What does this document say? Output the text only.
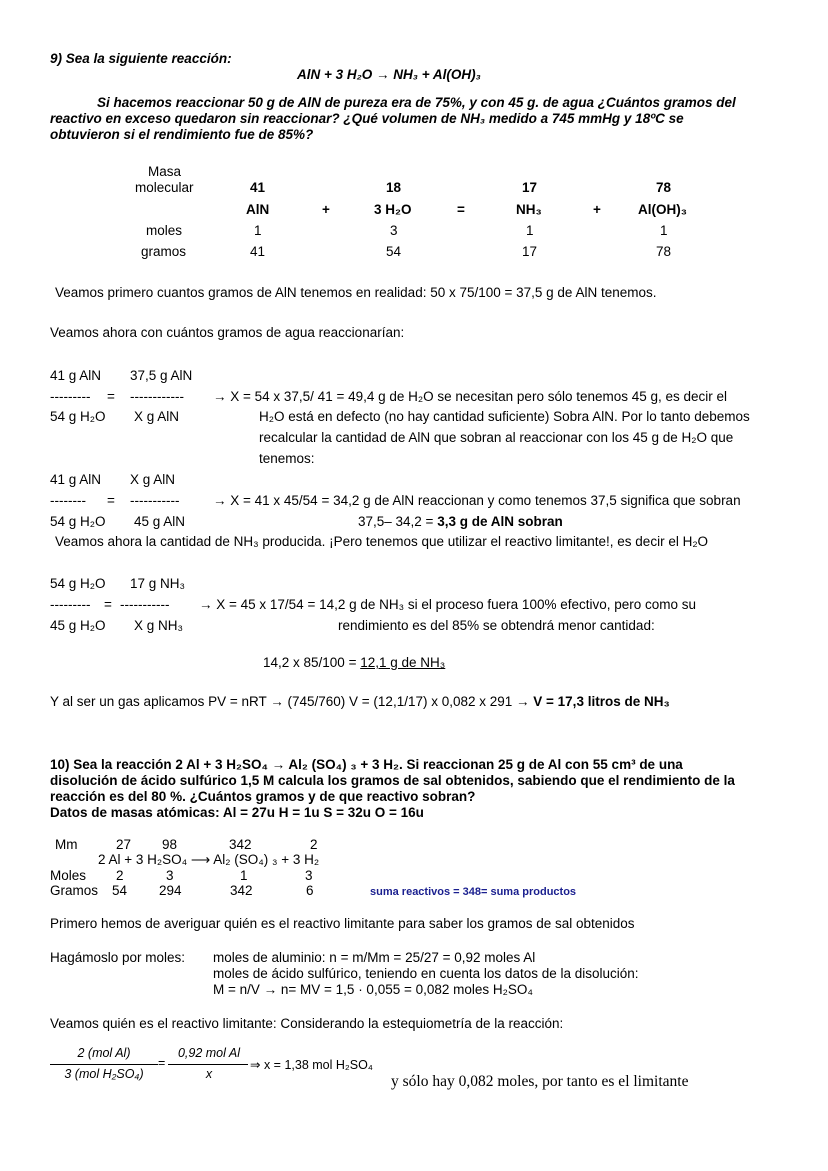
9) Sea la siguiente reacción:
AlN + 3 H₂O → NH₃ + Al(OH)₃
Si hacemos reaccionar 50 g de AlN de pureza era de 75%, y con 45 g. de agua ¿Cuántos gramos del
reactivo en exceso quedaron sin reaccionar? ¿Qué volumen de NH₃ medido a 745 mmHg y 18ºC se
obtuvieron si el rendimiento fue de 85%?
Masa
molecular	41	18	17	78
AlN	+	3 H₂O	=	NH₃	+	Al(OH)₃
moles	1	3	1	1
gramos	41	54	17	78
Veamos primero cuantos gramos de AlN tenemos en realidad: 50 x 75/100 = 37,5 g de AlN tenemos.
Veamos ahora con cuántos gramos de agua reaccionarían:
41 g AlN 37,5 g AlN
--------- = ------------
54 g H₂O X g AlN
→ X = 54 x 37,5/ 41 = 49,4 g de H₂O se necesitan pero sólo tenemos 45 g, es decir el
H₂O está en defecto (no hay cantidad suficiente) Sobra AlN. Por lo tanto debemos
recalcular la cantidad de AlN que sobran al reaccionar con los 45 g de H₂O que
tenemos:
41 g AlN X g AlN
-------- = -----------
54 g H₂O 45 g AlN
→ X = 41 x 45/54 = 34,2 g de AlN reaccionan y como tenemos 37,5 significa que sobran
37,5– 34,2 = 3,3 g de AlN sobran
Veamos ahora la cantidad de NH₃ producida. ¡Pero tenemos que utilizar el reactivo limitante!, es decir el H₂O
54 g H₂O 17 g NH₃
--------- = -----------
45 g H₂O X g NH₃
→ X = 45 x 17/54 = 14,2 g de NH₃ si el proceso fuera 100% efectivo, pero como su
rendimiento es del 85% se obtendrá menor cantidad:
14,2 x 85/100 = 12,1 g de NH₃
Y al ser un gas aplicamos PV = nRT → (745/760) V = (12,1/17) x 0,082 x 291 → V = 17,3 litros de NH₃
10) Sea la reacción 2 Al + 3 H₂SO₄ → Al₂ (SO₄) ₃ + 3 H₂. Si reaccionan 25 g de Al con 55 cm³ de una
disolución de ácido sulfúrico 1,5 M calcula los gramos de sal obtenidos, sabiendo que el rendimiento de la
reacción es del 80 %. ¿Cuántos gramos y de que reactivo sobran?
Datos de masas atómicas: Al = 27u H = 1u S = 32u O = 16u
Mm	27 98	342	2
2 Al + 3 H₂SO₄ ⟶ Al₂ (SO₄) ₃ + 3 H₂
Moles 2	3	1	3
Gramos 54 294	342	6	suma reactivos = 348= suma productos
Primero hemos de averiguar quién es el reactivo limitante para saber los gramos de sal obtenidos
Hagámoslo por moles: moles de aluminio: n = m/Mm = 25/27 = 0,92 moles Al
moles de ácido sulfúrico, teniendo en cuenta los datos de la disolución:
M = n/V → n= MV = 1,5 · 0,055 = 0,082 moles H₂SO₄
Veamos quién es el reactivo limitante: Considerando la estequiometría de la reacción:
2 (mol Al)
3 (mol H₂SO₄)
=
0,92 mol Al
x
⇒ x = 1,38 mol H₂SO₄
y sólo hay 0,082 moles, por tanto es el limitante
